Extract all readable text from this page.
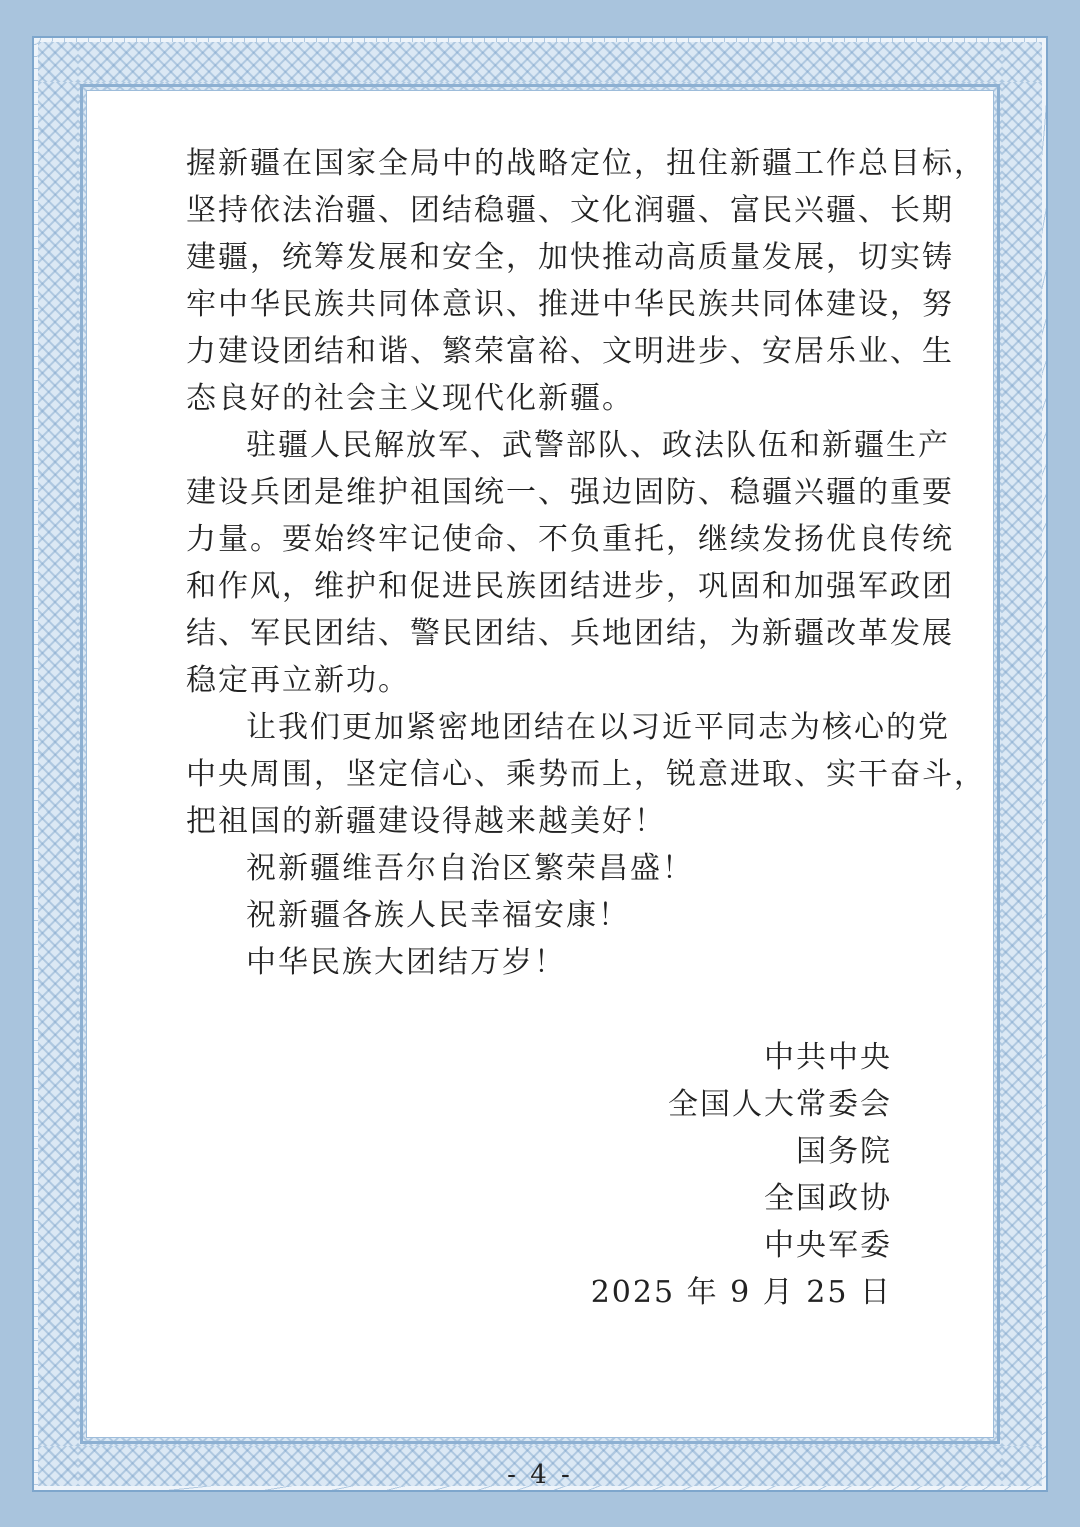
握新疆在国家全局中的战略定位，扭住新疆工作总目标，
坚持依法治疆、团结稳疆、文化润疆、富民兴疆、长期
建疆，统筹发展和安全，加快推动高质量发展，切实铸
牢中华民族共同体意识、推进中华民族共同体建设，努
力建设团结和谐、繁荣富裕、文明进步、安居乐业、生
态良好的社会主义现代化新疆。
驻疆人民解放军、武警部队、政法队伍和新疆生产
建设兵团是维护祖国统一、强边固防、稳疆兴疆的重要
力量。要始终牢记使命、不负重托，继续发扬优良传统
和作风，维护和促进民族团结进步，巩固和加强军政团
结、军民团结、警民团结、兵地团结，为新疆改革发展
稳定再立新功。
让我们更加紧密地团结在以习近平同志为核心的党
中央周围，坚定信心、乘势而上，锐意进取、实干奋斗，
把祖国的新疆建设得越来越美好！
祝新疆维吾尔自治区繁荣昌盛！
祝新疆各族人民幸福安康！
中华民族大团结万岁！
中共中央
全国人大常委会
国务院
全国政协
中央军委
2025 年 9 月 25 日
- 4 -
